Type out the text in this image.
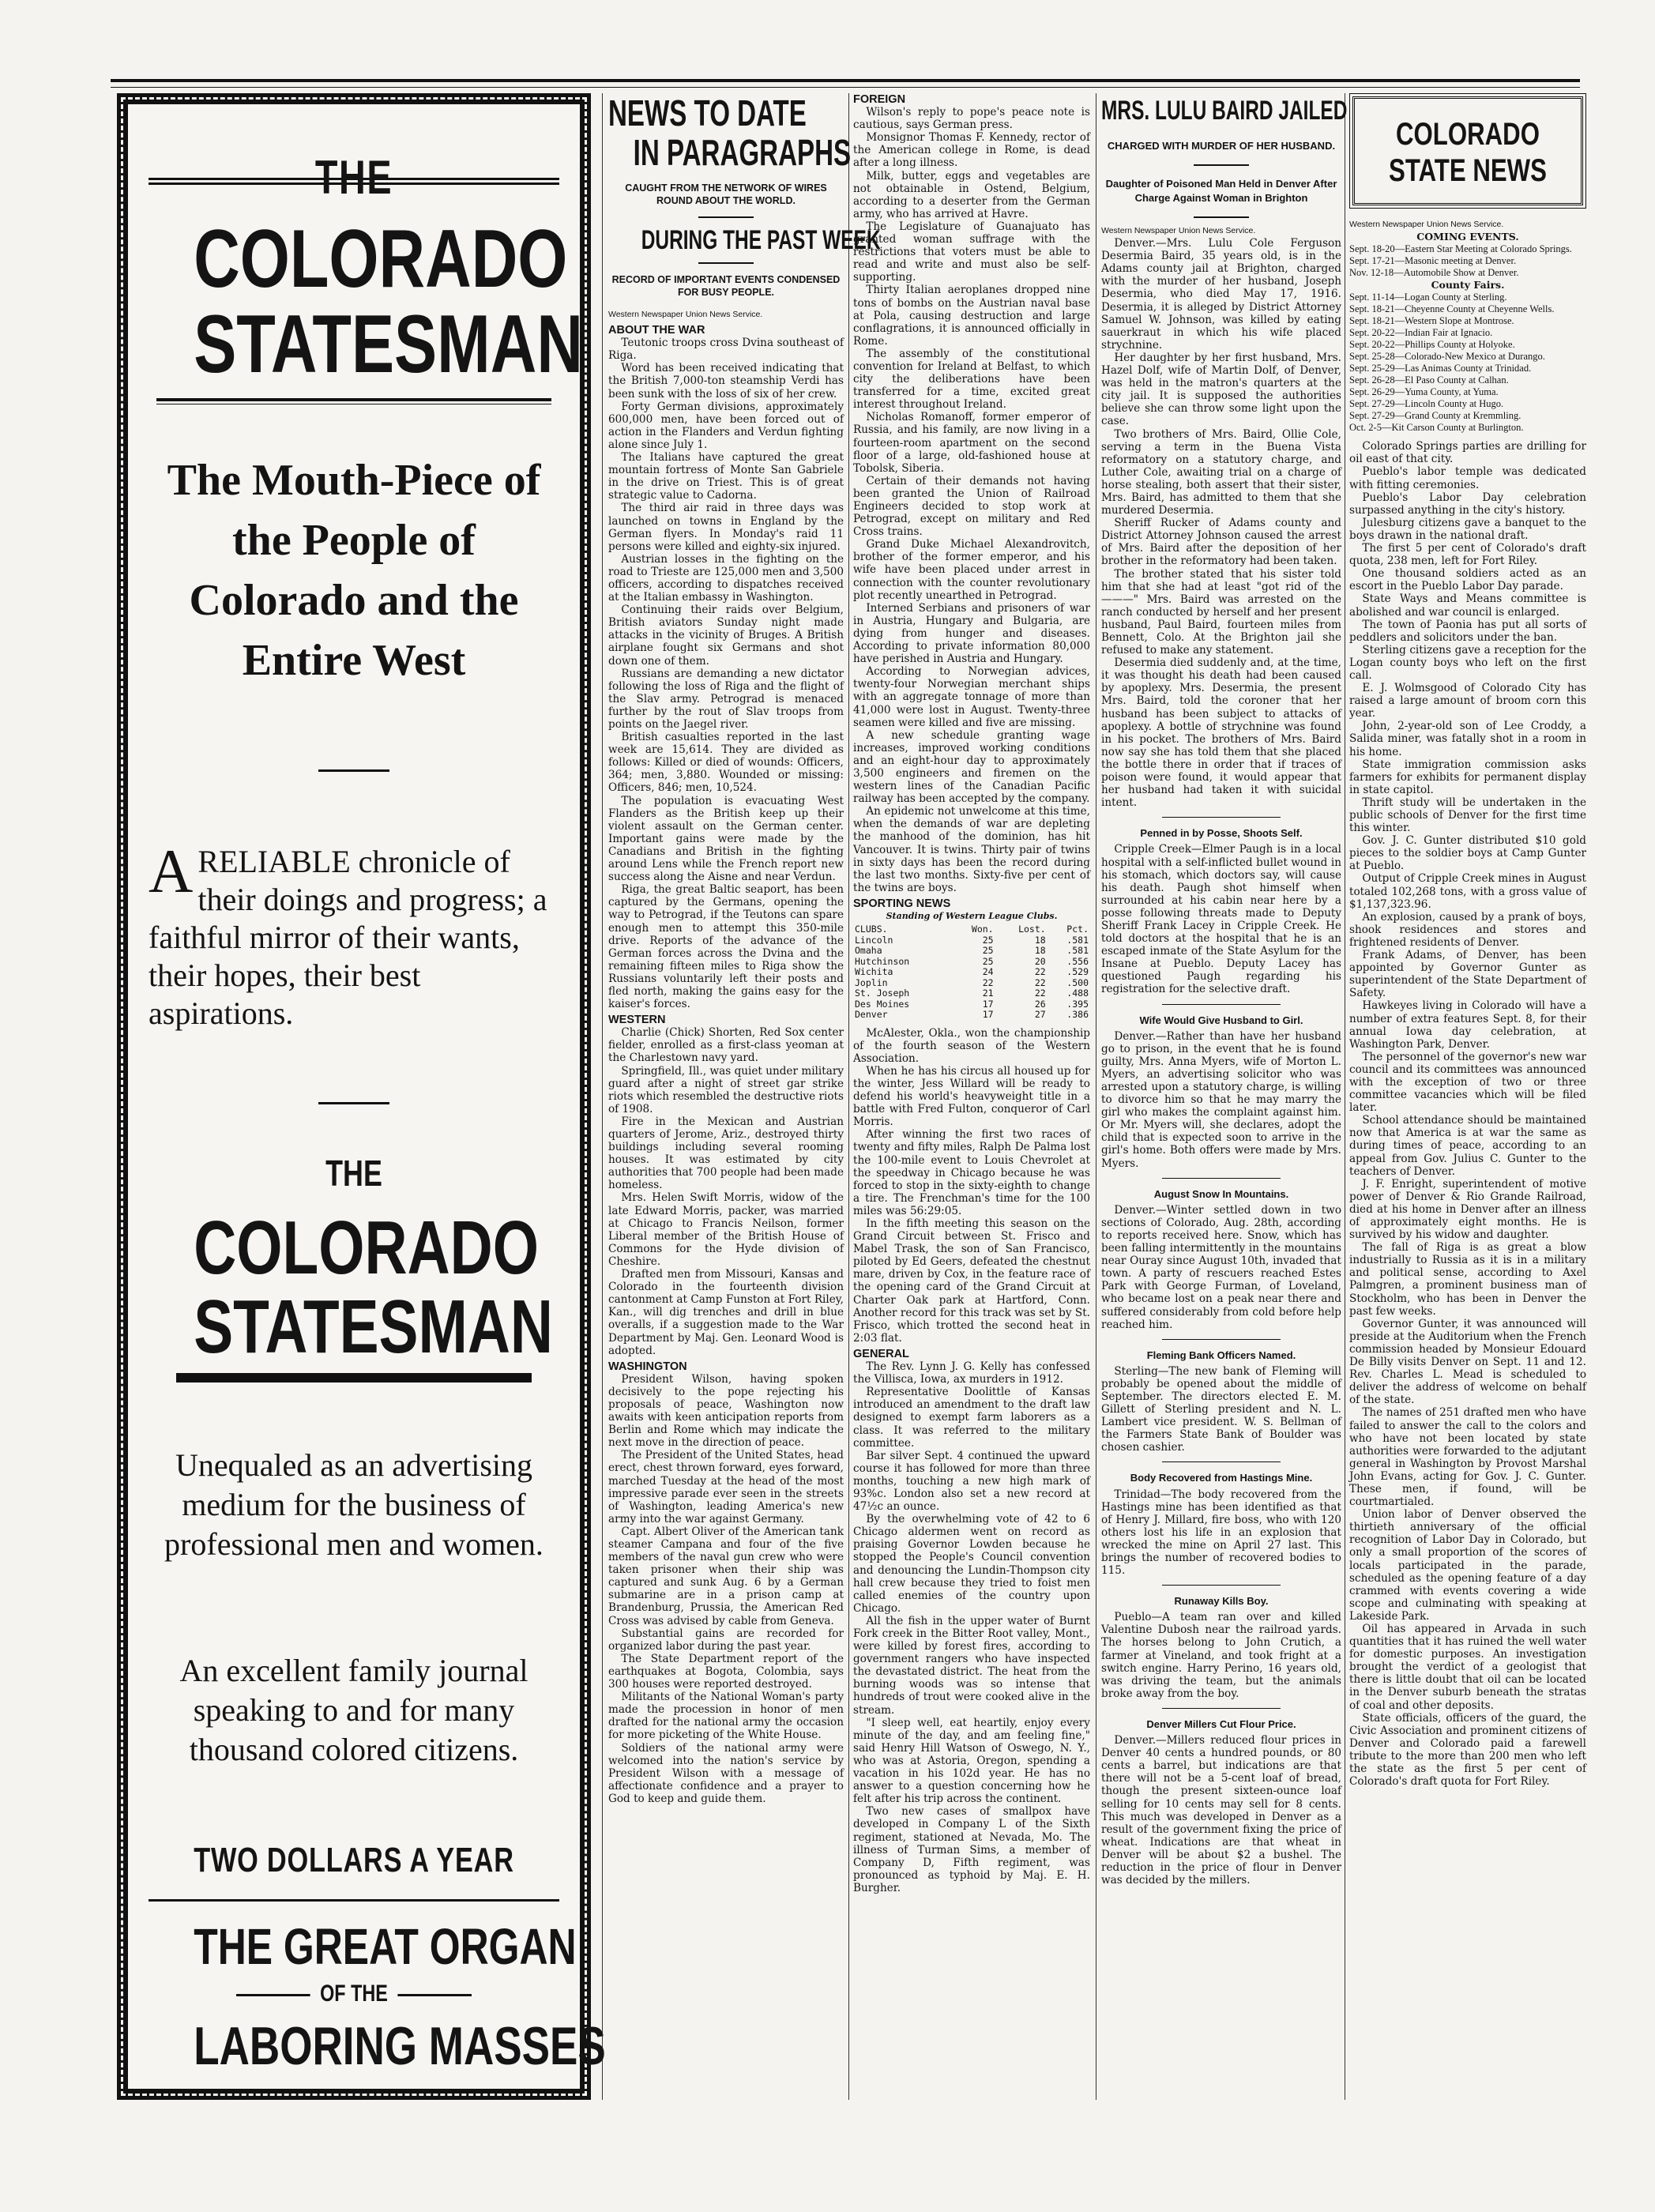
THE
COLORADO
STATESMAN
The Mouth-Piece of the People of Colorado and the Entire West
ARELIABLE chronicle of their doings and progress; a faithful mirror of their wants, their hopes, their best aspirations.
THE
COLORADO
STATESMAN
Unequaled as an advertising medium for the business of professional men and women.
An excellent family journal speaking to and for many thousand colored citizens.
TWO DOLLARS A YEAR
THE GREAT ORGAN
OF THE
LABORING MASSES
NEWS TO DATE
IN PARAGRAPHS
CAUGHT FROM THE NETWORK OF WIRES ROUND ABOUT THE WORLD.
DURING THE PAST WEEK
RECORD OF IMPORTANT EVENTS CONDENSED FOR BUSY PEOPLE.
Western Newspaper Union News Service.
ABOUT THE WAR

Teutonic troops cross Dvina southeast of Riga.

Word has been received indicating that the British 7,000-ton steamship Verdi has been sunk with the loss of six of her crew.

Forty German divisions, approximately 600,000 men, have been forced out of action in the Flanders and Verdun fighting alone since July 1.

The Italians have captured the great mountain fortress of Monte San Gabriele in the drive on Triest. This is of great strategic value to Cadorna.

The third air raid in three days was launched on towns in England by the German flyers. In Monday's raid 11 persons were killed and eighty-six injured.

Austrian losses in the fighting on the road to Trieste are 125,000 men and 3,500 officers, according to dispatches received at the Italian embassy in Washington.

Continuing their raids over Belgium, British aviators Sunday night made attacks in the vicinity of Bruges. A British airplane fought six Germans and shot down one of them.

Russians are demanding a new dictator following the loss of Riga and the flight of the Slav army. Petrograd is menaced further by the rout of Slav troops from points on the Jaegel river.

British casualties reported in the last week are 15,614. They are divided as follows: Killed or died of wounds: Officers, 364; men, 3,880. Wounded or missing: Officers, 846; men, 10,524.

The population is evacuating West Flanders as the British keep up their violent assault on the German center. Important gains were made by the Canadians and British in the fighting around Lens while the French report new success along the Aisne and near Verdun.

Riga, the great Baltic seaport, has been captured by the Germans, opening the way to Petrograd, if the Teutons can spare enough men to attempt this 350-mile drive. Reports of the advance of the German forces across the Dvina and the remaining fifteen miles to Riga show the Russians voluntarily left their posts and fled north, making the gains easy for the kaiser's forces.

WESTERN

Charlie (Chick) Shorten, Red Sox center fielder, enrolled as a first-class yeoman at the Charlestown navy yard.

Springfield, Ill., was quiet under military guard after a night of street gar strike riots which resembled the destructive riots of 1908.

Fire in the Mexican and Austrian quarters of Jerome, Ariz., destroyed thirty buildings including several rooming houses. It was estimated by city authorities that 700 people had been made homeless.

Mrs. Helen Swift Morris, widow of the late Edward Morris, packer, was married at Chicago to Francis Neilson, former Liberal member of the British House of Commons for the Hyde division of Cheshire.

Drafted men from Missouri, Kansas and Colorado in the fourteenth division cantonment at Camp Funston at Fort Riley, Kan., will dig trenches and drill in blue overalls, if a suggestion made to the War Department by Maj. Gen. Leonard Wood is adopted.

WASHINGTON

President Wilson, having spoken decisively to the pope rejecting his proposals of peace, Washington now awaits with keen anticipation reports from Berlin and Rome which may indicate the next move in the direction of peace.

The President of the United States, head erect, chest thrown forward, eyes forward, marched Tuesday at the head of the most impressive parade ever seen in the streets of Washington, leading America's new army into the war against Germany.

Capt. Albert Oliver of the American tank steamer Campana and four of the five members of the naval gun crew who were taken prisoner when their ship was captured and sunk Aug. 6 by a German submarine are in a prison camp at Brandenburg, Prussia, the American Red Cross was advised by cable from Geneva.

Substantial gains are recorded for organized labor during the past year.

The State Department report of the earthquakes at Bogota, Colombia, says 300 houses were reported destroyed.

Militants of the National Woman's party made the procession in honor of men drafted for the national army the occasion for more picketing of the White House.

Soldiers of the national army were welcomed into the nation's service by President Wilson with a message of affectionate confidence and a prayer to God to keep and guide them.

FOREIGN

Wilson's reply to pope's peace note is cautious, says German press.

Monsignor Thomas F. Kennedy, rector of the American college in Rome, is dead after a long illness.

Milk, butter, eggs and vegetables are not obtainable in Ostend, Belgium, according to a deserter from the German army, who has arrived at Havre.

The Legislature of Guanajuato has granted woman suffrage with the restrictions that voters must be able to read and write and must also be self-supporting.

Thirty Italian aeroplanes dropped nine tons of bombs on the Austrian naval base at Pola, causing destruction and large conflagrations, it is announced officially in Rome.

The assembly of the constitutional convention for Ireland at Belfast, to which city the deliberations have been transferred for a time, excited great interest throughout Ireland.

Nicholas Romanoff, former emperor of Russia, and his family, are now living in a fourteen-room apartment on the second floor of a large, old-fashioned house at Tobolsk, Siberia.

Certain of their demands not having been granted the Union of Railroad Engineers decided to stop work at Petrograd, except on military and Red Cross trains.

Grand Duke Michael Alexandrovitch, brother of the former emperor, and his wife have been placed under arrest in connection with the counter revolutionary plot recently unearthed in Petrograd.

Interned Serbians and prisoners of war in Austria, Hungary and Bulgaria, are dying from hunger and diseases. According to private information 80,000 have perished in Austria and Hungary.

According to Norwegian advices, twenty-four Norwegian merchant ships with an aggregate tonnage of more than 41,000 were lost in August. Twenty-three seamen were killed and five are missing.

A new schedule granting wage increases, improved working conditions and an eight-hour day to approximately 3,500 engineers and firemen on the western lines of the Canadian Pacific railway has been accepted by the company.

An epidemic not unwelcome at this time, when the demands of war are depleting the manhood of the dominion, has hit Vancouver. It is twins. Thirty pair of twins in sixty days has been the record during the last two months. Sixty-five per cent of the twins are boys.

SPORTING NEWS
Standing of Western League Clubs.
CLUBS.	Won.	Lost.	Pct.
Lincoln	25	18	.581
Omaha	25	18	.581
Hutchinson	25	20	.556
Wichita	24	22	.529
Joplin	22	22	.500
St. Joseph	21	22	.488
Des Moines	17	26	.395
Denver	17	27	.386

McAlester, Okla., won the championship of the fourth season of the Western Association.

When he has his circus all housed up for the winter, Jess Willard will be ready to defend his world's heavyweight title in a battle with Fred Fulton, conqueror of Carl Morris.

After winning the first two races of twenty and fifty miles, Ralph De Palma lost the 100-mile event to Louis Chevrolet at the speedway in Chicago because he was forced to stop in the sixty-eighth to change a tire. The Frenchman's time for the 100 miles was 56:29:05.

In the fifth meeting this season on the Grand Circuit between St. Frisco and Mabel Trask, the son of San Francisco, piloted by Ed Geers, defeated the chestnut mare, driven by Cox, in the feature race of the opening card of the Grand Circuit at Charter Oak park at Hartford, Conn. Another record for this track was set by St. Frisco, which trotted the second heat in 2:03 flat.

GENERAL

The Rev. Lynn J. G. Kelly has confessed the Villisca, Iowa, ax murders in 1912.

Representative Doolittle of Kansas introduced an amendment to the draft law designed to exempt farm laborers as a class. It was referred to the military committee.

Bar silver Sept. 4 continued the upward course it has followed for more than three months, touching a new high mark of 93%c. London also set a new record at 47½c an ounce.

By the overwhelming vote of 42 to 6 Chicago aldermen went on record as praising Governor Lowden because he stopped the People's Council convention and denouncing the Lundin-Thompson city hall crew because they tried to foist men called enemies of the country upon Chicago.

All the fish in the upper water of Burnt Fork creek in the Bitter Root valley, Mont., were killed by forest fires, according to government rangers who have inspected the devastated district. The heat from the burning woods was so intense that hundreds of trout were cooked alive in the stream.

"I sleep well, eat heartily, enjoy every minute of the day, and am feeling fine," said Henry Hill Watson of Oswego, N. Y., who was at Astoria, Oregon, spending a vacation in his 102d year. He has no answer to a question concerning how he felt after his trip across the continent.

Two new cases of smallpox have developed in Company L of the Sixth regiment, stationed at Nevada, Mo. The illness of Turman Sims, a member of Company D, Fifth regiment, was pronounced as typhoid by Maj. E. H. Burgher.

MRS. LULU BAIRD JAILED
CHARGED WITH MURDER OF HER HUSBAND.
Daughter of Poisoned Man Held in Denver After Charge Against Woman in Brighton
Western Newspaper Union News Service.

Denver.—Mrs. Lulu Cole Ferguson Desermia Baird, 35 years old, is in the Adams county jail at Brighton, charged with the murder of her husband, Joseph Desermia, who died May 17, 1916. Desermia, it is alleged by District Attorney Samuel W. Johnson, was killed by eating sauerkraut in which his wife placed strychnine.

Her daughter by her first husband, Mrs. Hazel Dolf, wife of Martin Dolf, of Denver, was held in the matron's quarters at the city jail. It is supposed the authorities believe she can throw some light upon the case.

Two brothers of Mrs. Baird, Ollie Cole, serving a term in the Buena Vista reformatory on a statutory charge, and Luther Cole, awaiting trial on a charge of horse stealing, both assert that their sister, Mrs. Baird, has admitted to them that she murdered Desermia.

Sheriff Rucker of Adams county and District Attorney Johnson caused the arrest of Mrs. Baird after the deposition of her brother in the reformatory had been taken.

The brother stated that his sister told him that she had at least "got rid of the ———" Mrs. Baird was arrested on the ranch conducted by herself and her present husband, Paul Baird, fourteen miles from Bennett, Colo. At the Brighton jail she refused to make any statement.

Desermia died suddenly and, at the time, it was thought his death had been caused by apoplexy. Mrs. Desermia, the present Mrs. Baird, told the coroner that her husband has been subject to attacks of apoplexy. A bottle of strychnine was found in his pocket. The brothers of Mrs. Baird now say she has told them that she placed the bottle there in order that if traces of poison were found, it would appear that her husband had taken it with suicidal intent.

Penned in by Posse, Shoots Self.

Cripple Creek—Elmer Paugh is in a local hospital with a self-inflicted bullet wound in his stomach, which doctors say, will cause his death. Paugh shot himself when surrounded at his cabin near here by a posse following threats made to Deputy Sheriff Frank Lacey in Cripple Creek. He told doctors at the hospital that he is an escaped inmate of the State Asylum for the Insane at Pueblo. Deputy Lacey has questioned Paugh regarding his registration for the selective draft.

Wife Would Give Husband to Girl.

Denver.—Rather than have her husband go to prison, in the event that he is found guilty, Mrs. Anna Myers, wife of Morton L. Myers, an advertising solicitor who was arrested upon a statutory charge, is willing to divorce him so that he may marry the girl who makes the complaint against him. Or Mr. Myers will, she declares, adopt the child that is expected soon to arrive in the girl's home. Both offers were made by Mrs. Myers.

August Snow In Mountains.

Denver.—Winter settled down in two sections of Colorado, Aug. 28th, according to reports received here. Snow, which has been falling intermittently in the mountains near Ouray since August 10th, invaded that town. A party of rescuers reached Estes Park with George Furman, of Loveland, who became lost on a peak near there and suffered considerably from cold before help reached him.

Fleming Bank Officers Named.

Sterling—The new bank of Fleming will probably be opened about the middle of September. The directors elected E. M. Gillett of Sterling president and N. L. Lambert vice president. W. S. Bellman of the Farmers State Bank of Boulder was chosen cashier.

Body Recovered from Hastings Mine.

Trinidad—The body recovered from the Hastings mine has been identified as that of Henry J. Millard, fire boss, who with 120 others lost his life in an explosion that wrecked the mine on April 27 last. This brings the number of recovered bodies to 115.

Runaway Kills Boy.

Pueblo—A team ran over and killed Valentine Dubosh near the railroad yards. The horses belong to John Crutich, a farmer at Vineland, and took fright at a switch engine. Harry Perino, 16 years old, was driving the team, but the animals broke away from the boy.

Denver Millers Cut Flour Price.

Denver.—Millers reduced flour prices in Denver 40 cents a hundred pounds, or 80 cents a barrel, but indications are that there will not be a 5-cent loaf of bread, though the present sixteen-ounce loaf selling for 10 cents may sell for 8 cents. This much was developed in Denver as a result of the government fixing the price of wheat. Indications are that wheat in Denver will be about $2 a bushel. The reduction in the price of flour in Denver was decided by the millers.

COLORADO
STATE NEWS
Western Newspaper Union News Service.
COMING EVENTS.
Sept. 18-20—Eastern Star Meeting at Colorado Springs.
Sept. 17-21—Masonic meeting at Denver.
Nov. 12-18—Automobile Show at Denver.
County Fairs.
Sept. 11-14—Logan County at Sterling.
Sept. 18-21—Cheyenne County at Cheyenne Wells.
Sept. 18-21—Western Slope at Montrose.
Sept. 20-22—Indian Fair at Ignacio.
Sept. 20-22—Phillips County at Holyoke.
Sept. 25-28—Colorado-New Mexico at Durango.
Sept. 25-29—Las Animas County at Trinidad.
Sept. 26-28—El Paso County at Calhan.
Sept. 26-29—Yuma County, at Yuma.
Sept. 27-29—Lincoln County at Hugo.
Sept. 27-29—Grand County at Kremmling.
Oct. 2-5—Kit Carson County at Burlington.

Colorado Springs parties are drilling for oil east of that city.

Pueblo's labor temple was dedicated with fitting ceremonies.

Pueblo's Labor Day celebration surpassed anything in the city's history.

Julesburg citizens gave a banquet to the boys drawn in the national draft.

The first 5 per cent of Colorado's draft quota, 238 men, left for Fort Riley.

One thousand soldiers acted as an escort in the Pueblo Labor Day parade.

State Ways and Means committee is abolished and war council is enlarged.

The town of Paonia has put all sorts of peddlers and solicitors under the ban.

Sterling citizens gave a reception for the Logan county boys who left on the first call.

E. J. Wolmsgood of Colorado City has raised a large amount of broom corn this year.

John, 2-year-old son of Lee Croddy, a Salida miner, was fatally shot in a room in his home.

State immigration commission asks farmers for exhibits for permanent display in state capitol.

Thrift study will be undertaken in the public schools of Denver for the first time this winter.

Gov. J. C. Gunter distributed $10 gold pieces to the soldier boys at Camp Gunter at Pueblo.

Output of Cripple Creek mines in August totaled 102,268 tons, with a gross value of $1,137,323.96.

An explosion, caused by a prank of boys, shook residences and stores and frightened residents of Denver.

Frank Adams, of Denver, has been appointed by Governor Gunter as superintendent of the State Department of Safety.

Hawkeyes living in Colorado will have a number of extra features Sept. 8, for their annual Iowa day celebration, at Washington Park, Denver.

The personnel of the governor's new war council and its committees was announced with the exception of two or three committee vacancies which will be filed later.

School attendance should be maintained now that America is at war the same as during times of peace, according to an appeal from Gov. Julius C. Gunter to the teachers of Denver.

J. F. Enright, superintendent of motive power of Denver & Rio Grande Railroad, died at his home in Denver after an illness of approximately eight months. He is survived by his widow and daughter.

The fall of Riga is as great a blow industrially to Russia as it is in a military and political sense, according to Axel Palmgren, a prominent business man of Stockholm, who has been in Denver the past few weeks.

Governor Gunter, it was announced will preside at the Auditorium when the French commission headed by Monsieur Edouard De Billy visits Denver on Sept. 11 and 12. Rev. Charles L. Mead is scheduled to deliver the address of welcome on behalf of the state.

The names of 251 drafted men who have failed to answer the call to the colors and who have not been located by state authorities were forwarded to the adjutant general in Washington by Provost Marshal John Evans, acting for Gov. J. C. Gunter. These men, if found, will be courtmartialed.

Union labor of Denver observed the thirtieth anniversary of the official recognition of Labor Day in Colorado, but only a small proportion of the scores of locals participated in the parade, scheduled as the opening feature of a day crammed with events covering a wide scope and culminating with speaking at Lakeside Park.

Oil has appeared in Arvada in such quantities that it has ruined the well water for domestic purposes. An investigation brought the verdict of a geologist that there is little doubt that oil can be located in the Denver suburb beneath the stratas of coal and other deposits.

State officials, officers of the guard, the Civic Association and prominent citizens of Denver and Colorado paid a farewell tribute to the more than 200 men who left the state as the first 5 per cent of Colorado's draft quota for Fort Riley.
